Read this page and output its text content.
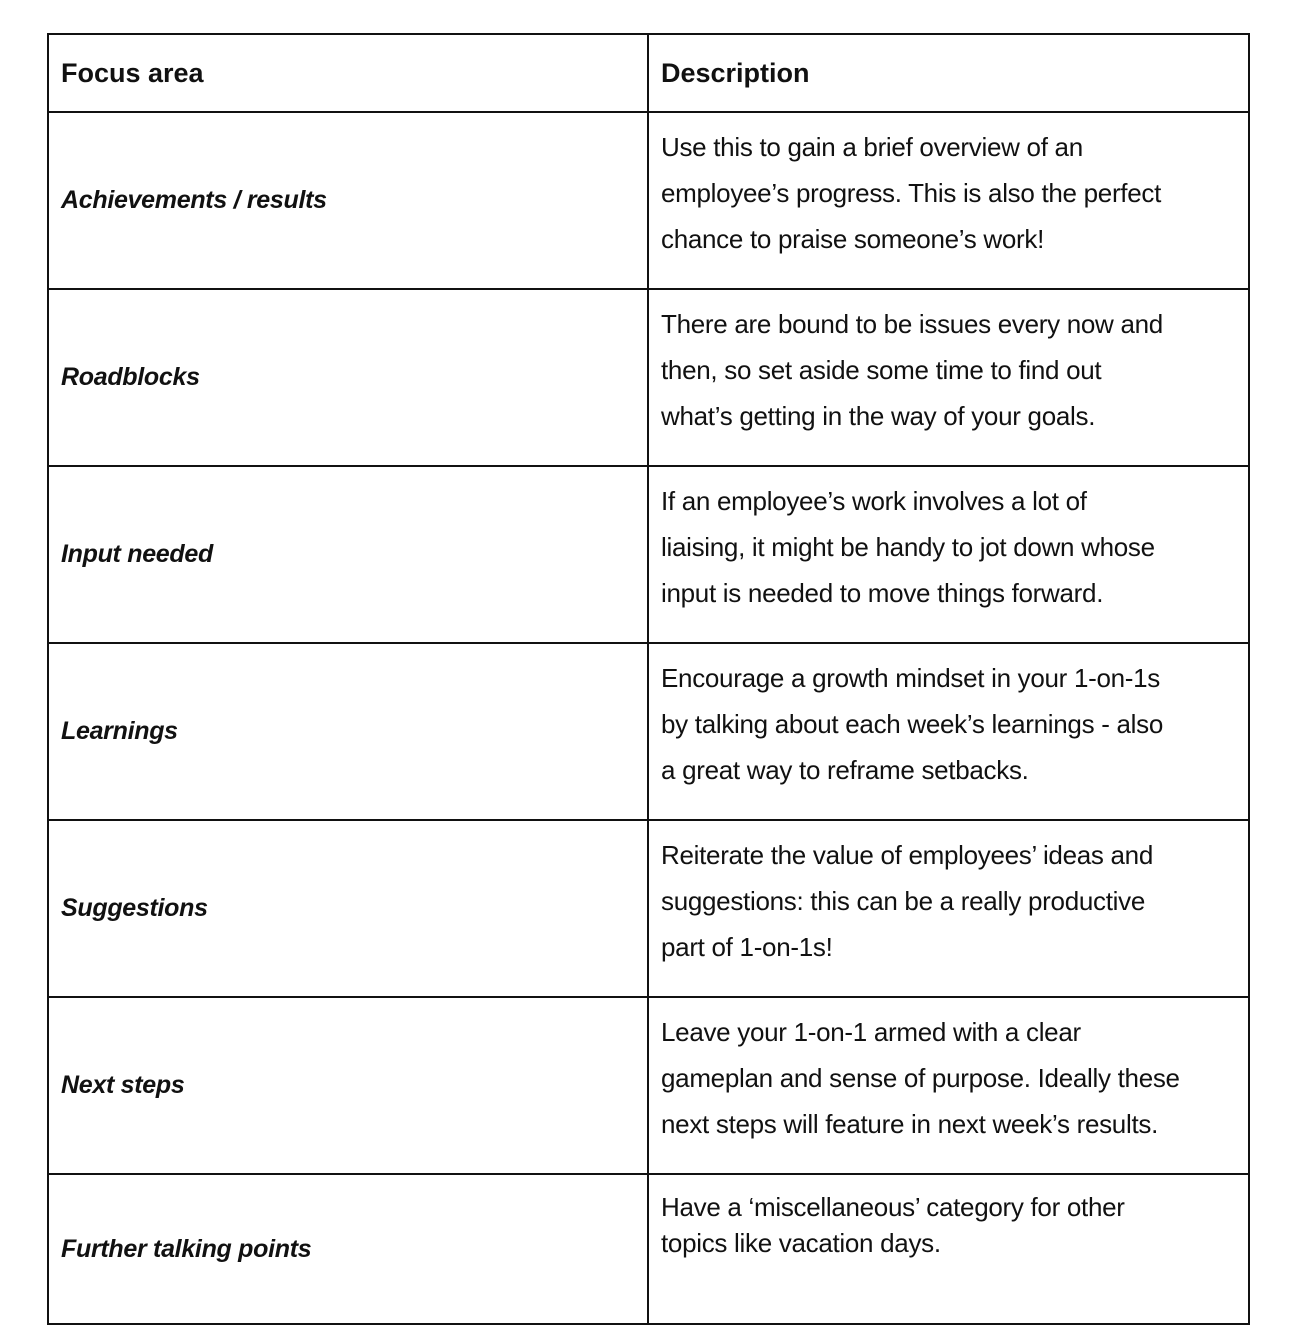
Focus area	Description
Achievements / results	Use this to gain a brief overview of an
employee’s progress. This is also the perfect
chance to praise someone’s work!

Roadblocks	There are bound to be issues every now and
then, so set aside some time to find out
what’s getting in the way of your goals.

Input needed	If an employee’s work involves a lot of
liaising, it might be handy to jot down whose
input is needed to move things forward.

Learnings	Encourage a growth mindset in your 1-on-1s
by talking about each week’s learnings - also
a great way to reframe setbacks.

Suggestions	Reiterate the value of employees’ ideas and
suggestions: this can be a really productive
part of 1-on-1s!

Next steps	Leave your 1-on-1 armed with a clear
gameplan and sense of purpose. Ideally these
next steps will feature in next week’s results.

Further talking points	Have a ‘miscellaneous’ category for other
topics like vacation days.
